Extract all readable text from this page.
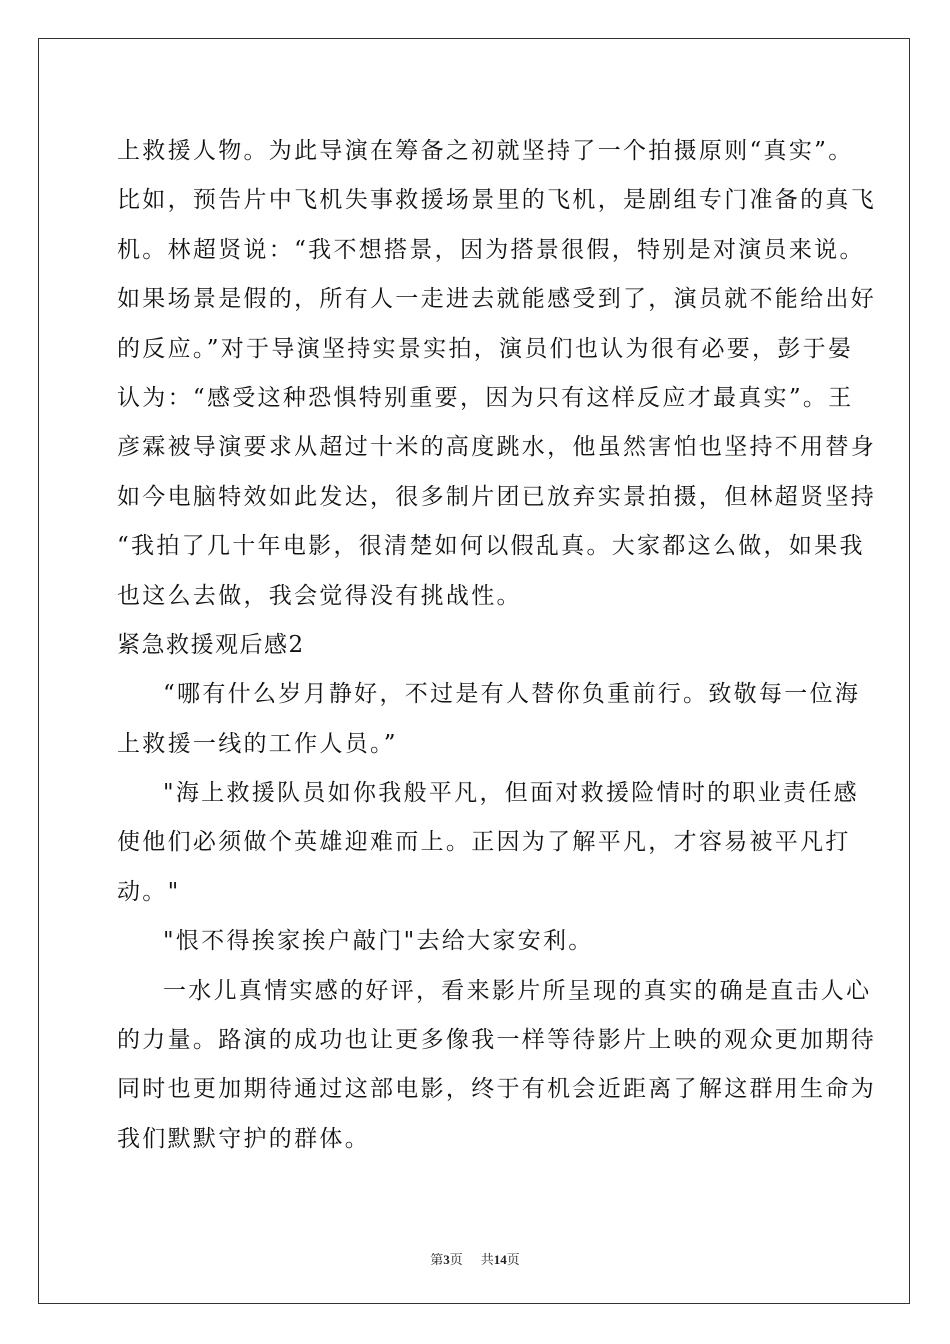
上救援人物。为此导演在筹备之初就坚持了一个拍摄原则“真实”。
比如，预告片中飞机失事救援场景里的飞机，是剧组专门准备的真飞
机。林超贤说：“我不想搭景，因为搭景很假，特别是对演员来说。
如果场景是假的，所有人一走进去就能感受到了，演员就不能给出好
的反应。”对于导演坚持实景实拍，演员们也认为很有必要，彭于晏
认为：“感受这种恐惧特别重要，因为只有这样反应才最真实”。王
彦霖被导演要求从超过十米的高度跳水，他虽然害怕也坚持不用替身
如今电脑特效如此发达，很多制片团已放弃实景拍摄，但林超贤坚持
“我拍了几十年电影，很清楚如何以假乱真。大家都这么做，如果我
也这么去做，我会觉得没有挑战性。
紧急救援观后感2
“哪有什么岁月静好，不过是有人替你负重前行。致敬每一位海
上救援一线的工作人员。”
"海上救援队员如你我般平凡，但面对救援险情时的职业责任感
使他们必须做个英雄迎难而上。正因为了解平凡，才容易被平凡打
动。"
"恨不得挨家挨户敲门"去给大家安利。
一水儿真情实感的好评，看来影片所呈现的真实的确是直击人心
的力量。路演的成功也让更多像我一样等待影片上映的观众更加期待
同时也更加期待通过这部电影，终于有机会近距离了解这群用生命为
我们默默守护的群体。
第3页 共14页
